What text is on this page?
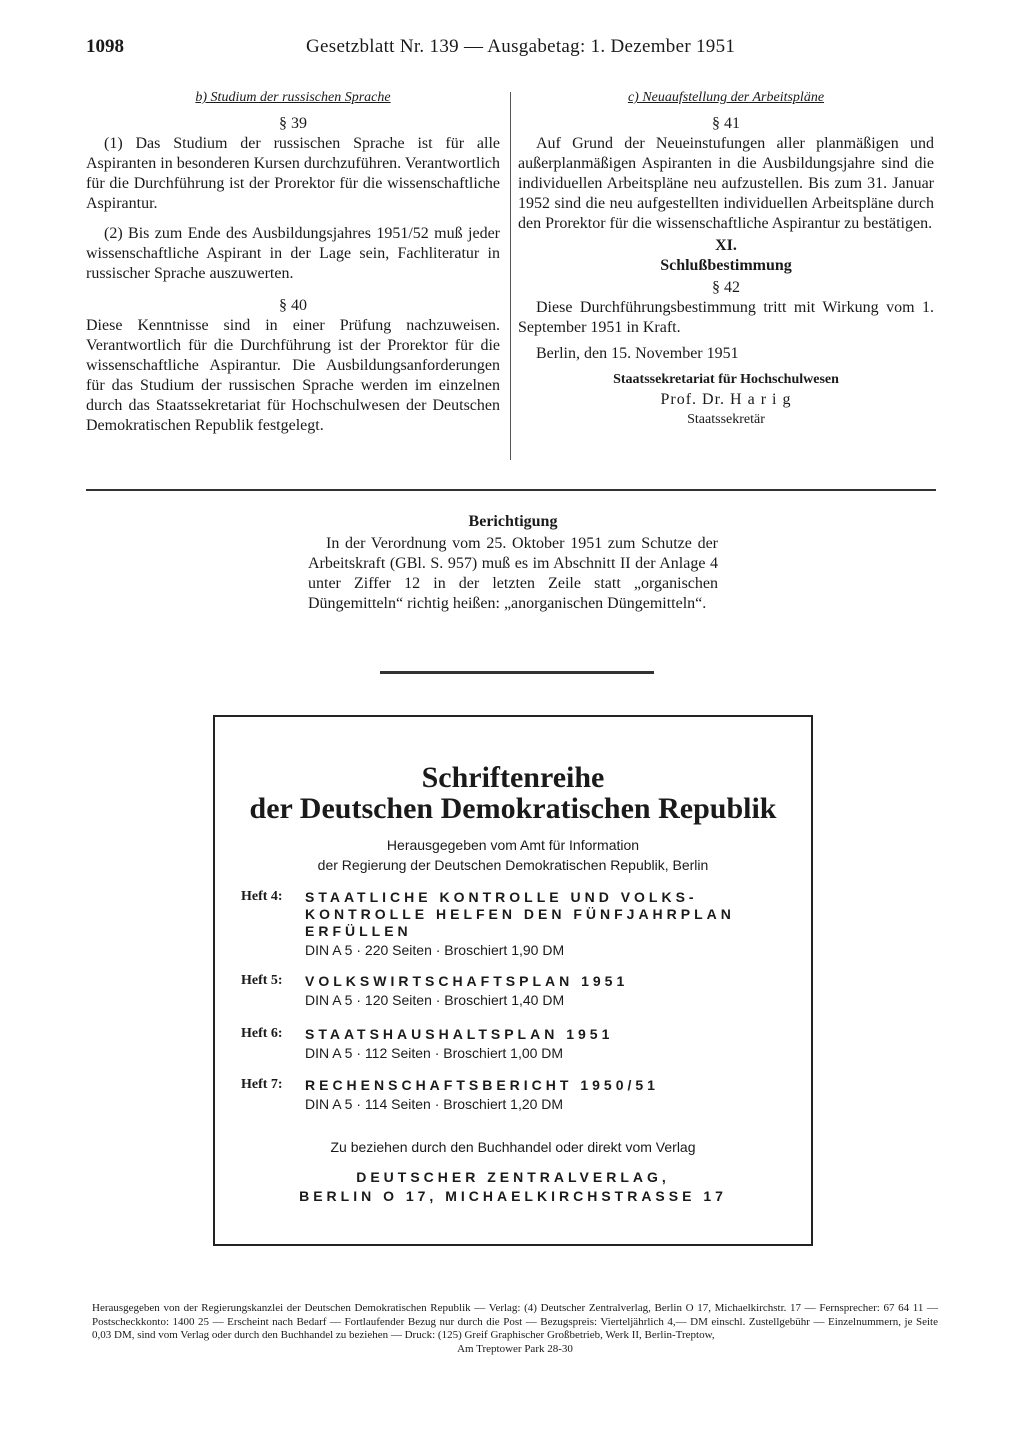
1098	Gesetzblatt Nr. 139 — Ausgabetag: 1. Dezember 1951
b) Studium der russischen Sprache
§ 39

(1) Das Studium der russischen Sprache ist für alle Aspiranten in besonderen Kursen durchzuführen. Verantwortlich für die Durchführung ist der Prorektor für die wissenschaftliche Aspirantur.

(2) Bis zum Ende des Ausbildungsjahres 1951/52 muß jeder wissenschaftliche Aspirant in der Lage sein, Fachliteratur in russischer Sprache auszuwerten.

§ 40

Diese Kenntnisse sind in einer Prüfung nachzuweisen. Verantwortlich für die Durchführung ist der Prorektor für die wissenschaftliche Aspirantur. Die Ausbildungsanforderungen für das Studium der russischen Sprache werden im einzelnen durch das Staatssekretariat für Hochschulwesen der Deutschen Demokratischen Republik festgelegt.

c) Neuaufstellung der Arbeitspläne
§ 41

Auf Grund der Neueinstufungen aller planmäßigen und außerplanmäßigen Aspiranten in die Ausbildungsjahre sind die individuellen Arbeitspläne neu aufzustellen. Bis zum 31. Januar 1952 sind die neu aufgestellten individuellen Arbeitspläne durch den Prorektor für die wissenschaftliche Aspirantur zu bestätigen.

XI.
Schlußbestimmung
§ 42

Diese Durchführungsbestimmung tritt mit Wirkung vom 1. September 1951 in Kraft.

Berlin, den 15. November 1951

Staatssekretariat für Hochschulwesen
Prof. Dr. H a r i g
Staatssekretär
Berichtigung

In der Verordnung vom 25. Oktober 1951 zum Schutze der Arbeitskraft (GBl. S. 957) muß es im Abschnitt II der Anlage 4 unter Ziffer 12 in der letzten Zeile statt „organischen Düngemitteln“ richtig heißen: „anorganischen Düngemitteln“.

Schriftenreihe
der Deutschen Demokratischen Republik
Herausgegeben vom Amt für Information
der Regierung der Deutschen Demokratischen Republik, Berlin
Heft 4: STAATLICHE KONTROLLE UND VOLKS-
KONTROLLE HELFEN DEN FÜNFJAHRPLAN
ERFÜLLEN
DIN A 5 · 220 Seiten · Broschiert 1,90 DM
Heft 5: VOLKSWIRTSCHAFTSPLAN 1951
DIN A 5 · 120 Seiten · Broschiert 1,40 DM
Heft 6: STAATSHAUSHALTSPLAN 1951
DIN A 5 · 112 Seiten · Broschiert 1,00 DM
Heft 7: RECHENSCHAFTSBERICHT 1950/51
DIN A 5 · 114 Seiten · Broschiert 1,20 DM
Zu beziehen durch den Buchhandel oder direkt vom Verlag
DEUTSCHER ZENTRALVERLAG,
BERLIN O 17, MICHAELKIRCHSTRASSE 17

Herausgegeben von der Regierungskanzlei der Deutschen Demokratischen Republik — Verlag: (4) Deutscher Zentralverlag, Berlin O 17, Michaelkirchstr. 17 — Fernsprecher: 67 64 11 — Postscheckkonto: 1400 25 — Erscheint nach Bedarf — Fortlaufender Bezug nur durch die Post — Bezugspreis: Vierteljährlich 4,— DM einschl. Zustellgebühr — Einzelnummern, je Seite 0,03 DM, sind vom Verlag oder durch den Buchhandel zu beziehen — Druck: (125) Greif Graphischer Großbetrieb, Werk II, Berlin-Treptow,

Am Treptower Park 28-30
